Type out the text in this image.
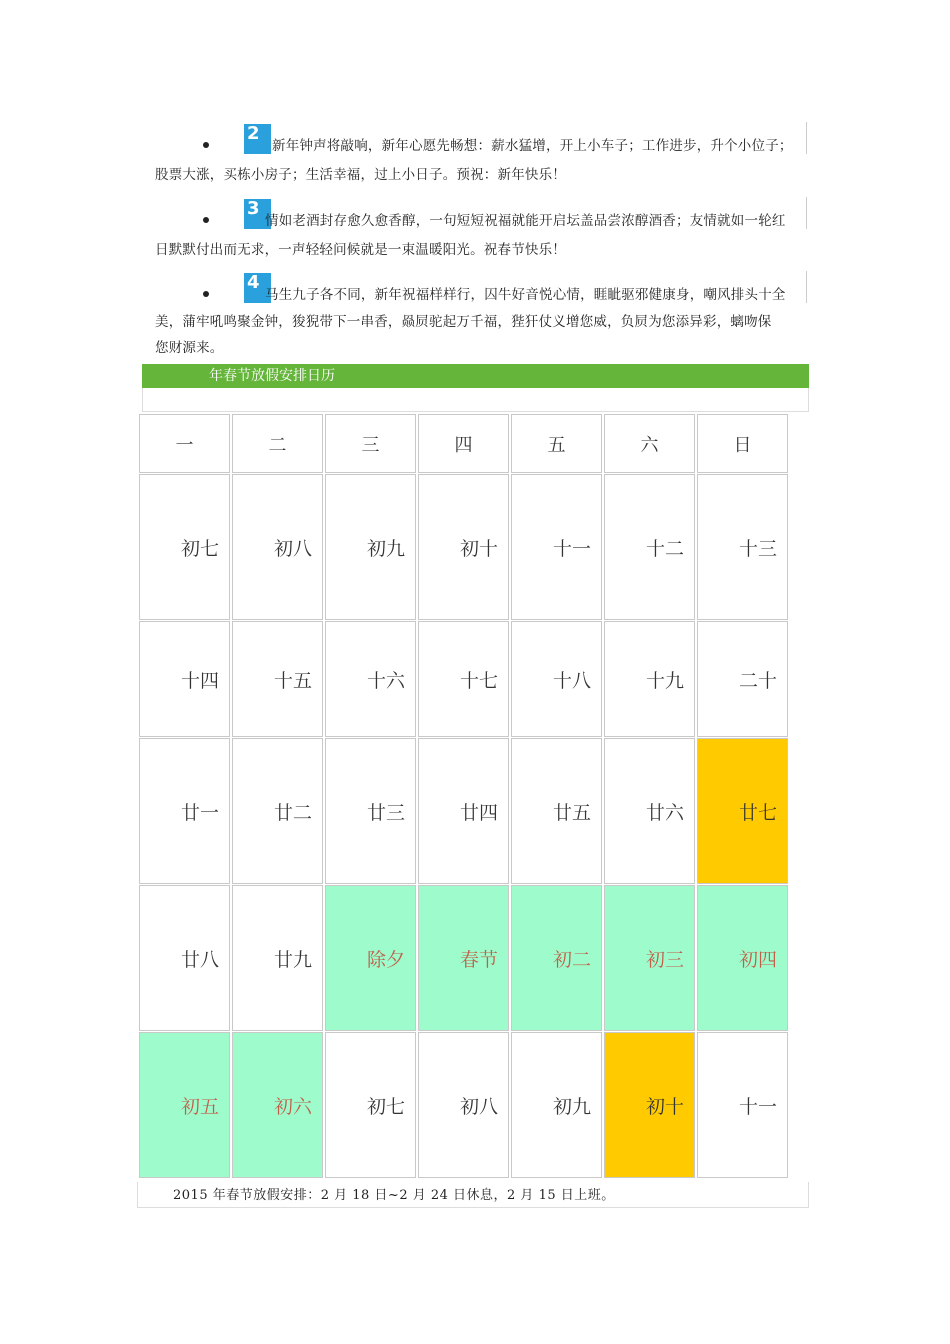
2
新年钟声将敲响，新年心愿先畅想：薪水猛增，开上小车子；工作进步，升个小位子；
股票大涨，买栋小房子；生活幸福，过上小日子。预祝：新年快乐！
3
情如老酒封存愈久愈香醇，一句短短祝福就能开启坛盖品尝浓醇酒香；友情就如一轮红
日默默付出而无求，一声轻轻问候就是一束温暖阳光。祝春节快乐！
4
马生九子各不同，新年祝福样样行，囚牛好音悦心情，睚眦驱邪健康身，嘲风排头十全
美，蒲牢吼鸣聚金钟，狻猊带下一串香，赑屃驼起万千福，狴犴仗义增您威，负屃为您添异彩，螭吻保
您财源来。
年春节放假安排日历
一	二	三	四	五	六	日
初七	初八	初九	初十	十一	十二	十三
十四	十五	十六	十七	十八	十九	二十
廿一	廿二	廿三	廿四	廿五	廿六	廿七
廿八	廿九	除夕	春节	初二	初三	初四
初五	初六	初七	初八	初九	初十	十一
2015 年春节放假安排：2 月 18 日~2 月 24 日休息，2 月 15 日上班。
